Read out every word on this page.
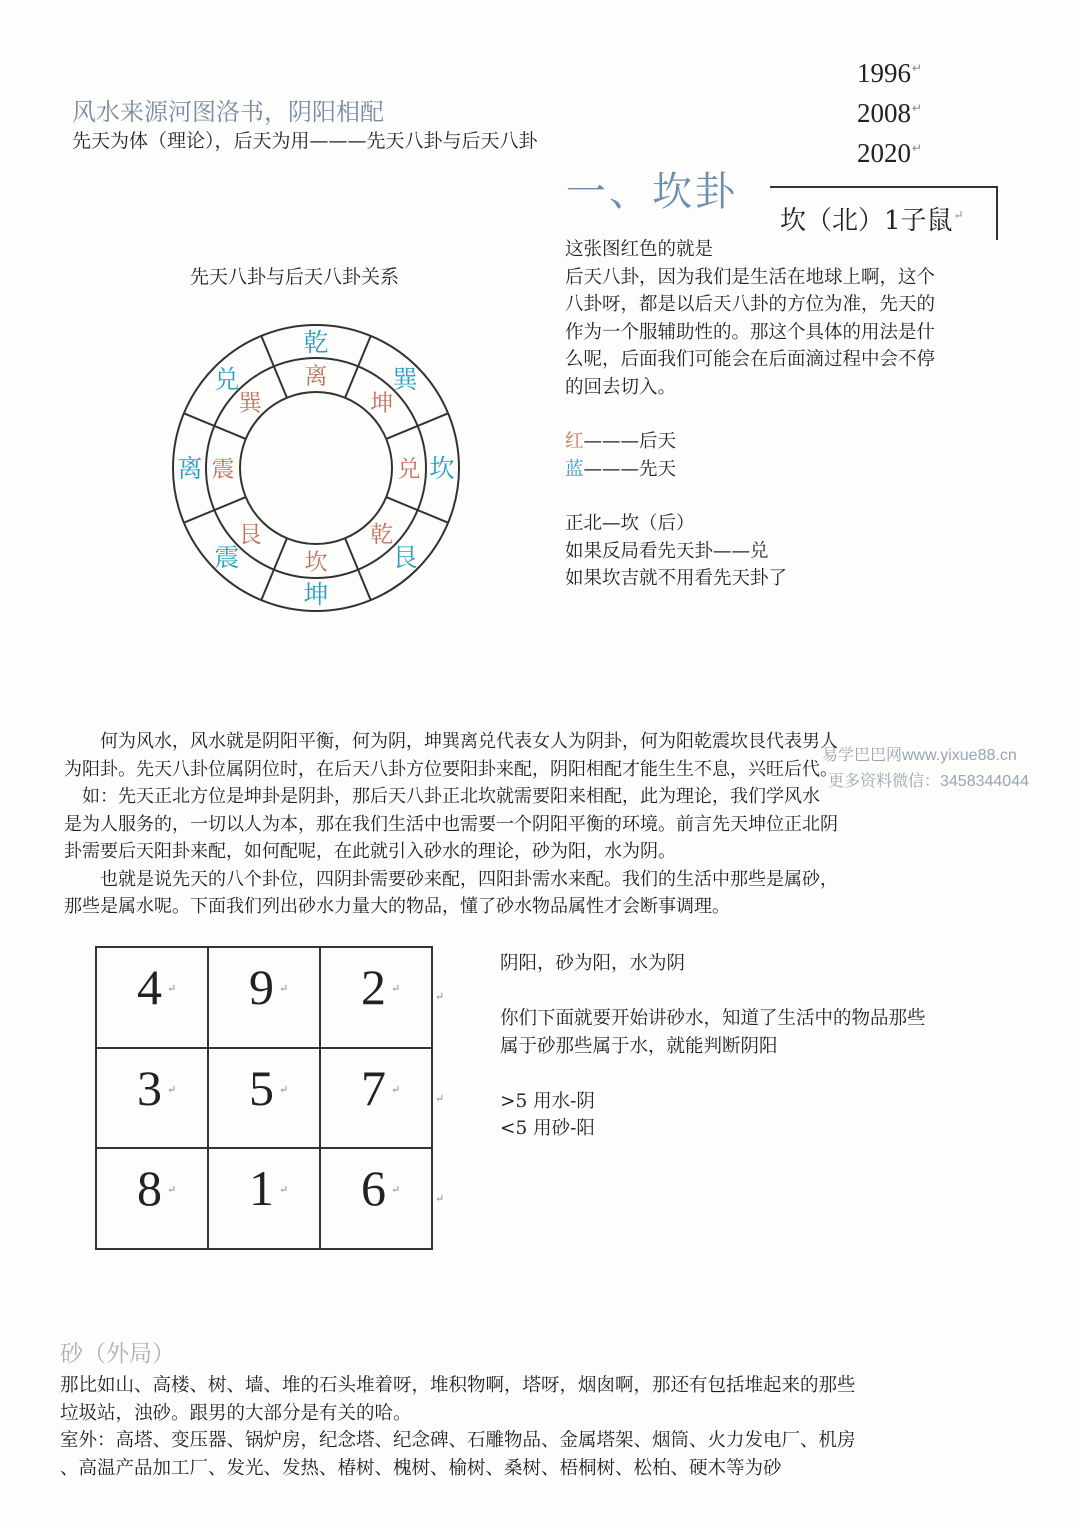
1996↵
2008↵
2020↵
风水来源河图洛书，阴阳相配
先天为体（理论），后天为用———先天八卦与后天八卦
一、坎卦
坎（北）1子鼠↵
先天八卦与后天八卦关系
乾
巽
坎
艮
坤
震
离
兑	离
坤
兑
乾
坎
艮
震
巽
这张图红色的就是
后天八卦，因为我们是生活在地球上啊，这个
八卦呀，都是以后天八卦的方位为准，先天的
作为一个服辅助性的。那这个具体的用法是什
么呢，后面我们可能会在后面滴过程中会不停
的回去切入。
红———后天
蓝———先天
正北—坎（后）
如果反局看先天卦——兑
如果坎吉就不用看先天卦了
　　何为风水，风水就是阴阳平衡，何为阴，坤巽离兑代表女人为阴卦，何为阳乾震坎艮代表男人
为阳卦。先天八卦位属阴位时，在后天八卦方位要阳卦来配，阴阳相配才能生生不息，兴旺后代。
　如：先天正北方位是坤卦是阴卦，那后天八卦正北坎就需要阳来相配，此为理论，我们学风水
是为人服务的，一切以人为本，那在我们生活中也需要一个阴阳平衡的环境。前言先天坤位正北阴
卦需要后天阳卦来配，如何配呢，在此就引入砂水的理论，砂为阳，水为阴。
　　也就是说先天的八个卦位，四阴卦需要砂来配，四阳卦需水来配。我们的生活中那些是属砂，
那些是属水呢。下面我们列出砂水力量大的物品，懂了砂水物品属性才会断事调理。
易学巴巴网www.yixue88.cn
更多资料微信：3458344044
4 ↵ 9 ↵ 2 ↵
3 ↵ 5 ↵ 7 ↵
8 ↵ 1 ↵ 6 ↵
↵
↵
↵
阴阳，砂为阳，水为阴
你们下面就要开始讲砂水，知道了生活中的物品那些
属于砂那些属于水，就能判断阴阳
>5 用水-阴
<5 用砂-阳
砂（外局）
那比如山、高楼、树、墙、堆的石头堆着呀，堆积物啊，塔呀，烟囱啊，那还有包括堆起来的那些
垃圾站，浊砂。跟男的大部分是有关的哈。
室外：高塔、变压器、锅炉房，纪念塔、纪念碑、石雕物品、金属塔架、烟筒、火力发电厂、机房
、高温产品加工厂、发光、发热、椿树、槐树、榆树、桑树、梧桐树、松柏、硬木等为砂
